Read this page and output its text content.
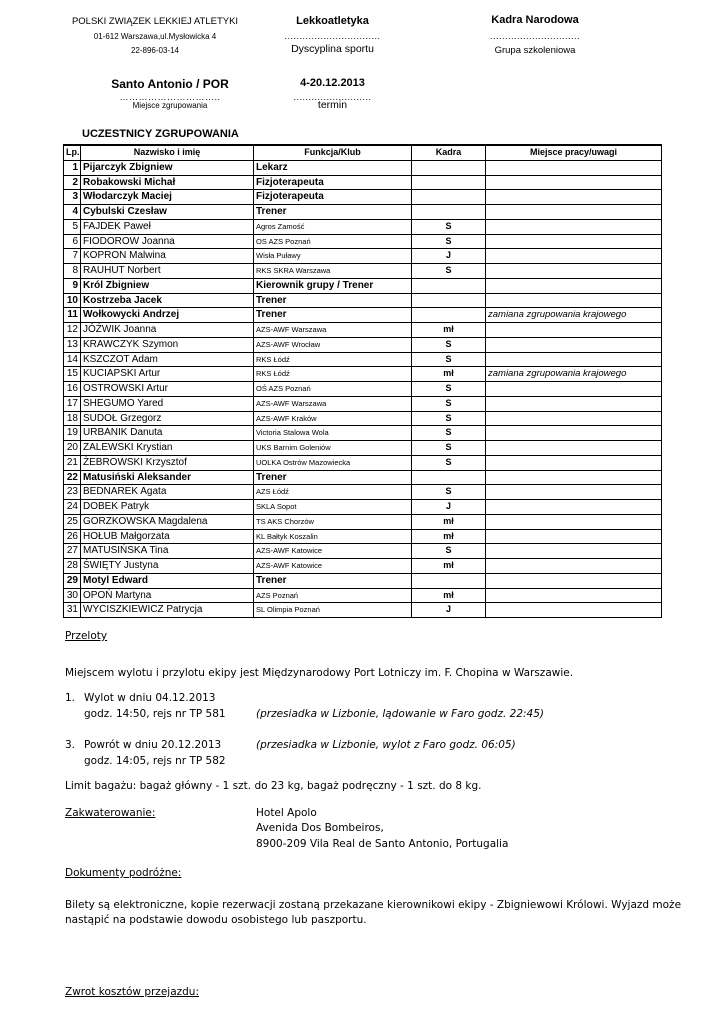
POLSKI ZWIĄZEK LEKKIEJ ATLETYKI
01-612 Warszawa,ul.Mysłowicka 4
22-896-03-14
Lekkoatletyka
................................
Dyscyplina sportu
Kadra Narodowa
..............................
Grupa szkoleniowa
Santo Antonio / POR
…………………………..
Miejsce zgrupowania
4-20.12.2013
..........................
termin
UCZESTNICY ZGRUPOWANIA
Lp.	Nazwisko i imię	Funkcja/Klub	Kadra	Miejsce pracy/uwagi
1	Pijarczyk Zbigniew	Lekarz		
2	Robakowski Michał	Fizjoterapeuta		
3	Włodarczyk Maciej	Fizjoterapeuta		
4	Cybulski Czesław	Trener		
5	FAJDEK Paweł	Agros Zamość	S	
6	FIODOROW Joanna	OS AZS Poznań	S	
7	KOPRON Malwina	Wisła Puławy	J	
8	RAUHUT Norbert	RKS SKRA Warszawa	S	
9	Król Zbigniew	Kierownik grupy / Trener		
10	Kostrzeba Jacek	Trener		
11	Wołkowycki Andrzej	Trener		zamiana zgrupowania krajowego
12	JÓŹWIK Joanna	AZS-AWF Warszawa	mł	
13	KRAWCZYK Szymon	AZS-AWF Wrocław	S	
14	KSZCZOT Adam	RKS Łódź	S	
15	KUCIAPSKI Artur	RKS Łódź	mł	zamiana zgrupowania krajowego
16	OSTROWSKI Artur	OŚ AZS Poznań	S	
17	SHEGUMO Yared	AZS-AWF Warszawa	S	
18	SUDOŁ Grzegorz	AZS-AWF Kraków	S	
19	URBANIK Danuta	Victoria Stalowa Wola	S	
20	ZALEWSKI Krystian	UKS Barnim Goleniów	S	
21	ŻEBROWSKI Krzysztof	UOLKA Ostrów Mazowiecka	S	
22	Matusiński Aleksander	Trener		
23	BEDNAREK Agata	AZS Łódź	S	
24	DOBEK Patryk	SKLA Sopot	J	
25	GORZKOWSKA Magdalena	TS AKS Chorzów	mł	
26	HOŁUB Małgorzata	KL Bałtyk Koszalin	mł	
27	MATUSIŃSKA Tina	AZS-AWF Katowice	S	
28	ŚWIĘTY Justyna	AZS-AWF Katowice	mł	
29	Motyl Edward	Trener		
30	OPOŃ Martyna	AZS Poznań	mł	
31	WYCISZKIEWICZ Patrycja	SL Olimpia Poznań	J	
Przeloty
Miejscem wylotu i przylotu ekipy jest Międzynarodowy Port Lotniczy im. F. Chopina w Warszawie.
1. Wylot w dniu 04.12.2013
godz. 14:50, rejs nr TP 581	(przesiadka w Lizbonie, lądowanie w Faro godz. 22:45)
3. Powrót w dniu 20.12.2013	(przesiadka w Lizbonie, wylot z Faro godz. 06:05)
godz. 14:05, rejs nr TP 582
Limit bagażu: bagaż główny - 1 szt. do 23 kg, bagaż podręczny - 1 szt. do 8 kg.
Zakwaterowanie:	Hotel Apolo
Avenida Dos Bombeiros,
8900-209 Vila Real de Santo Antonio, Portugalia
Dokumenty podróżne:
Bilety są elektroniczne, kopie rezerwacji zostaną przekazane kierownikowi ekipy - Zbigniewowi Królowi. Wyjazd może
nastąpić na podstawie dowodu osobistego lub paszportu.
Zwrot kosztów przejazdu:
